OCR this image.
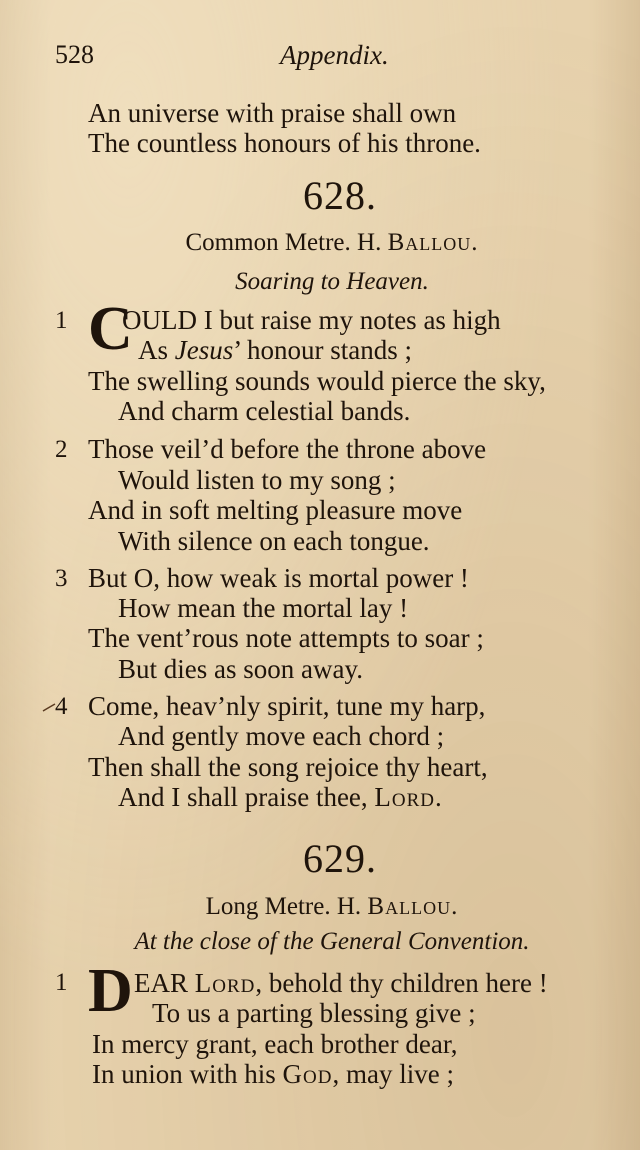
528	Appendix.
An universe with praise shall own
The countless honours of his throne.
628.
Common Metre. H. Ballou.
Soaring to Heaven.
1 C
OULD I but raise my notes as high
As Jesus’ honour stands ;
The swelling sounds would pierce the sky,
And charm celestial bands.
2 Those veil’d before the throne above
Would listen to my song ;
And in soft melting pleasure move
With silence on each tongue.
3 But O, how weak is mortal power !
How mean the mortal lay !
The vent’rous note attempts to soar ;
But dies as soon away.
4 Come, heav’nly spirit, tune my harp,
And gently move each chord ;
Then shall the song rejoice thy heart,
And I shall praise thee, Lord.
629.
Long Metre. H. Ballou.
At the close of the General Convention.
1 D EAR Lord, behold thy children here !
To us a parting blessing give ;
In mercy grant, each brother dear,
In union with his God, may live ;
